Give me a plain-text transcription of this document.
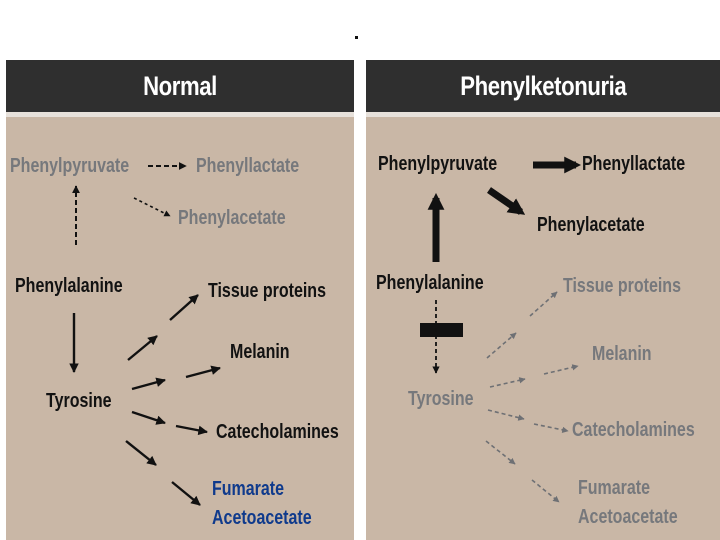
Normal	Phenylketonuria
Phenylpyruvate	Phenyllactate
Phenylacetate
Phenylalanine	Tissue proteins
Melanin
Tyrosine
Catecholamines
Fumarate
Acetoacetate
Phenylpyruvate	Phenyllactate
Phenylacetate
Phenylalanine	Tissue proteins
Melanin
Tyrosine
Catecholamines
Fumarate
Acetoacetate
